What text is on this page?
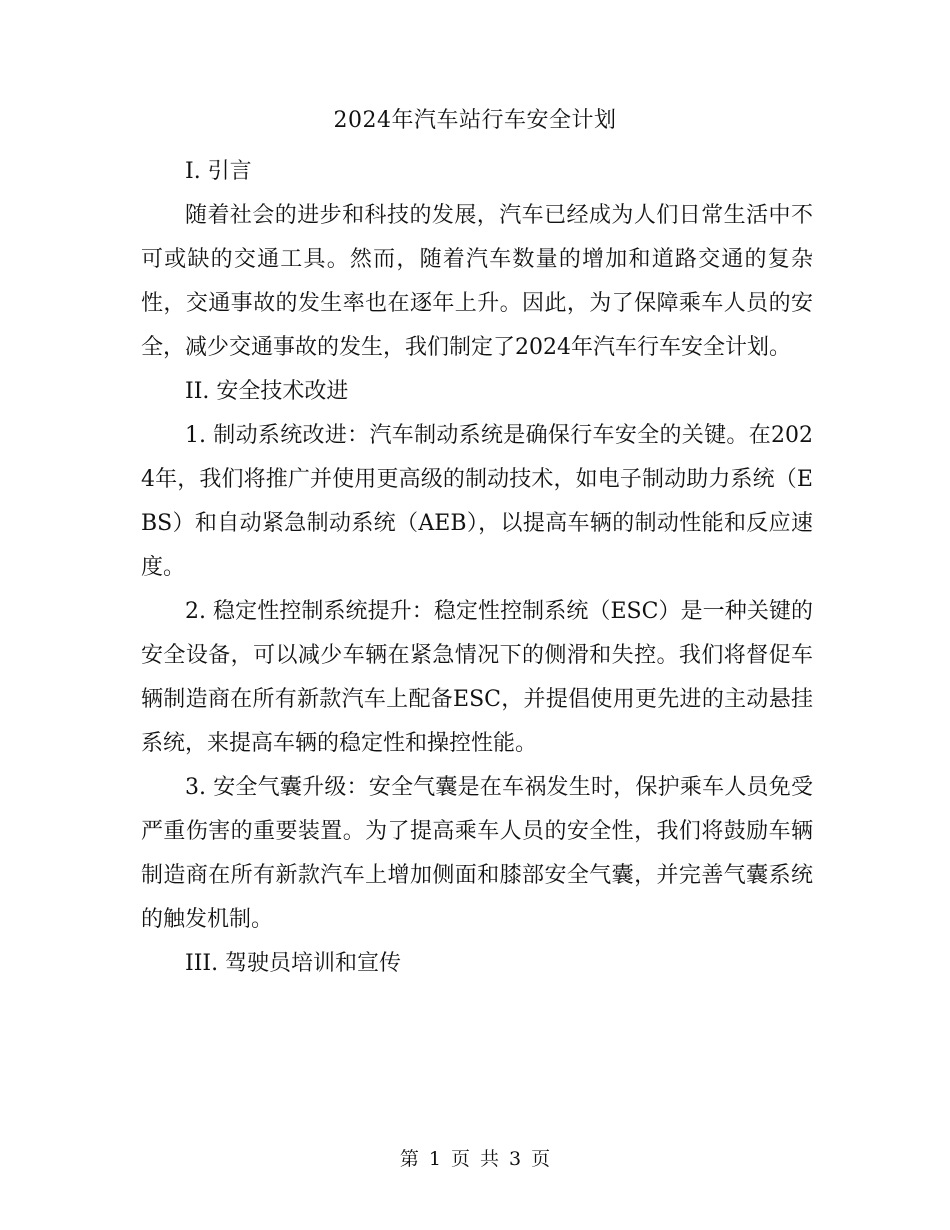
2024年汽车站行车安全计划

I. 引言

随着社会的进步和科技的发展，汽车已经成为人们日常生活中不可或缺的交通工具。然而，随着汽车数量的增加和道路交通的复杂性，交通事故的发生率也在逐年上升。因此，为了保障乘车人员的安全，减少交通事故的发生，我们制定了2024年汽车行车安全计划。

II. 安全技术改进

1. 制动系统改进：汽车制动系统是确保行车安全的关键。在2024年，我们将推广并使用更高级的制动技术，如电子制动助力系统（EBS）和自动紧急制动系统（AEB），以提高车辆的制动性能和反应速度。

2. 稳定性控制系统提升：稳定性控制系统（ESC）是一种关键的安全设备，可以减少车辆在紧急情况下的侧滑和失控。我们将督促车辆制造商在所有新款汽车上配备ESC，并提倡使用更先进的主动悬挂系统，来提高车辆的稳定性和操控性能。

3. 安全气囊升级：安全气囊是在车祸发生时，保护乘车人员免受严重伤害的重要装置。为了提高乘车人员的安全性，我们将鼓励车辆制造商在所有新款汽车上增加侧面和膝部安全气囊，并完善气囊系统的触发机制。

III. 驾驶员培训和宣传

第 1 页 共 3 页
